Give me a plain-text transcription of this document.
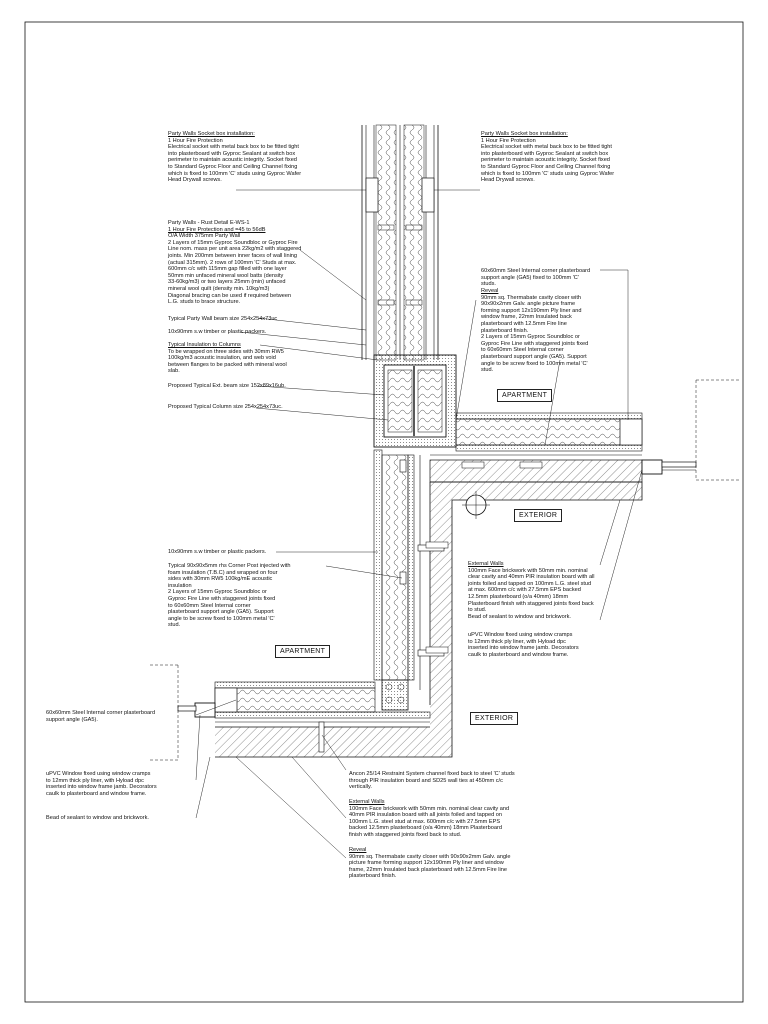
APARTMENT
APARTMENT
EXTERIOR
EXTERIOR
Party Walls Socket box installation:
1 Hour Fire Protection
Electrical socket with metal back box to be fitted tight
into plasterboard with Gyproc Sealant at switch box
perimeter to maintain acoustic integrity. Socket fixed
to Standard Gyproc Floor and Ceiling Channel fixing
which is fixed to 100mm 'C' studs using Gyproc Wafer
Head Drywall screws.
Party Walls - Rust Detail E-WS-1
1 Hour Fire Protection and =45 to 56dB
O/A Width 375mm Party Wall
2 Layers of 15mm Gyproc Soundbloc or Gyproc Fire
Line nom. mass per unit area 22kg/m2 with staggered
joints. Min 200mm between inner faces of wall lining
(actual 315mm). 2 rows of 100mm 'C' Studs at max.
600mm c/c with 115mm gap filled with one layer
50mm min unfaced mineral wool batts (density
33-60kg/m3) or two layers 25mm (min) unfaced
mineral wool quilt (density min. 10kg/m3)
Diagonal bracing can be used if required between
L.G. studs to brace structure.
Typical Party Wall beam size 254x254x73uc
10x90mm s.w timber or plastic packers.
Typical Insulation to Columns
To be wrapped on three sides with 30mm RW5
100kg/m3 acoustic insulation, and web void
between flanges to be packed with mineral wool
slab.
Proposed Typical Ext. beam size 152x89x16ub.
Proposed Typical Column size 254x254x73uc.
10x90mm s.w timber or plastic packers.
Typical 90x90x5mm rhs Corner Post injected with
foam insulation (T.B.C) and wrapped on four
sides with 30mm RW5 100kg/mE acoustic
insulation
2 Layers of 15mm Gyproc Soundbloc or
Gyproc Fire Line with staggered joints fixed
to 60x60mm Steel Internal corner
plasterboard support angle (GA5). Support
angle to be screw fixed to 100mm metal 'C'
stud.
60x60mm Steel Internal corner plasterboard
support angle (GA5).
uPVC Window fixed using window cramps
to 12mm thick ply liner, with Hyload dpc
inserted into window frame jamb. Decorators
caulk to plasterboard and window frame.
Bead of sealant to window and brickwork.
Party Walls Socket box installation:
1 Hour Fire Protection
Electrical socket with metal back box to be fitted tight
into plasterboard with Gyproc Sealant at switch box
perimeter to maintain acoustic integrity. Socket fixed
to Standard Gyproc Floor and Ceiling Channel fixing
which is fixed to 100mm 'C' studs using Gyproc Wafer
Head Drywall screws.
60x60mm Steel Internal corner plasterboard
support angle (GA5) fixed to 100mm 'C'
studs.
Reveal
90mm sq. Thermabate cavity closer with
90x90x2mm Galv. angle picture frame
forming support 12x190mm Ply liner and
window frame, 22mm Insulated back
plasterboard with 12.5mm Fire line
plasterboard finish.
2 Layers of 15mm Gyproc Soundbloc or
Gyproc Fire Line with staggered joints fixed
to 60x60mm Steel Internal corner
plasterboard support angle (GA5). Support
angle to be screw fixed to 100mm metal 'C'
stud.
External Walls
100mm Face brickwork with 50mm min. nominal
clear cavity and 40mm PIR insulation board with all
joints foiled and tapped on 100mm L.G. steel stud
at max. 600mm c/c with 27.5mm EPS backed
12.5mm plasterboard (o/a 40mm) 18mm
Plasterboard finish with staggered joints fixed back
to stud.
Bead of sealant to window and brickwork.
uPVC Window fixed using window cramps
to 12mm thick ply liner, with Hyload dpc
inserted into window frame jamb. Decorators
caulk to plasterboard and window frame.
Ancon 25/14 Restraint System channel fixed back to steel 'C' studs
through PIR insulation board and SD25 wall ties at 450mm c/c
vertically.
External Walls
100mm Face brickwork with 50mm min. nominal clear cavity and
40mm PIR insulation board with all joints foiled and tapped on
100mm L.G. steel stud at max. 600mm c/c with 27.5mm EPS
backed 12.5mm plasterboard (o/a 40mm) 18mm Plasterboard
finish with staggered joints fixed back to stud.
Reveal
90mm sq. Thermabate cavity closer with 90x90x2mm Galv. angle
picture frame forming support 12x190mm Ply liner and window
frame, 22mm Insulated back plasterboard with 12.5mm Fire line
plasterboard finish.
